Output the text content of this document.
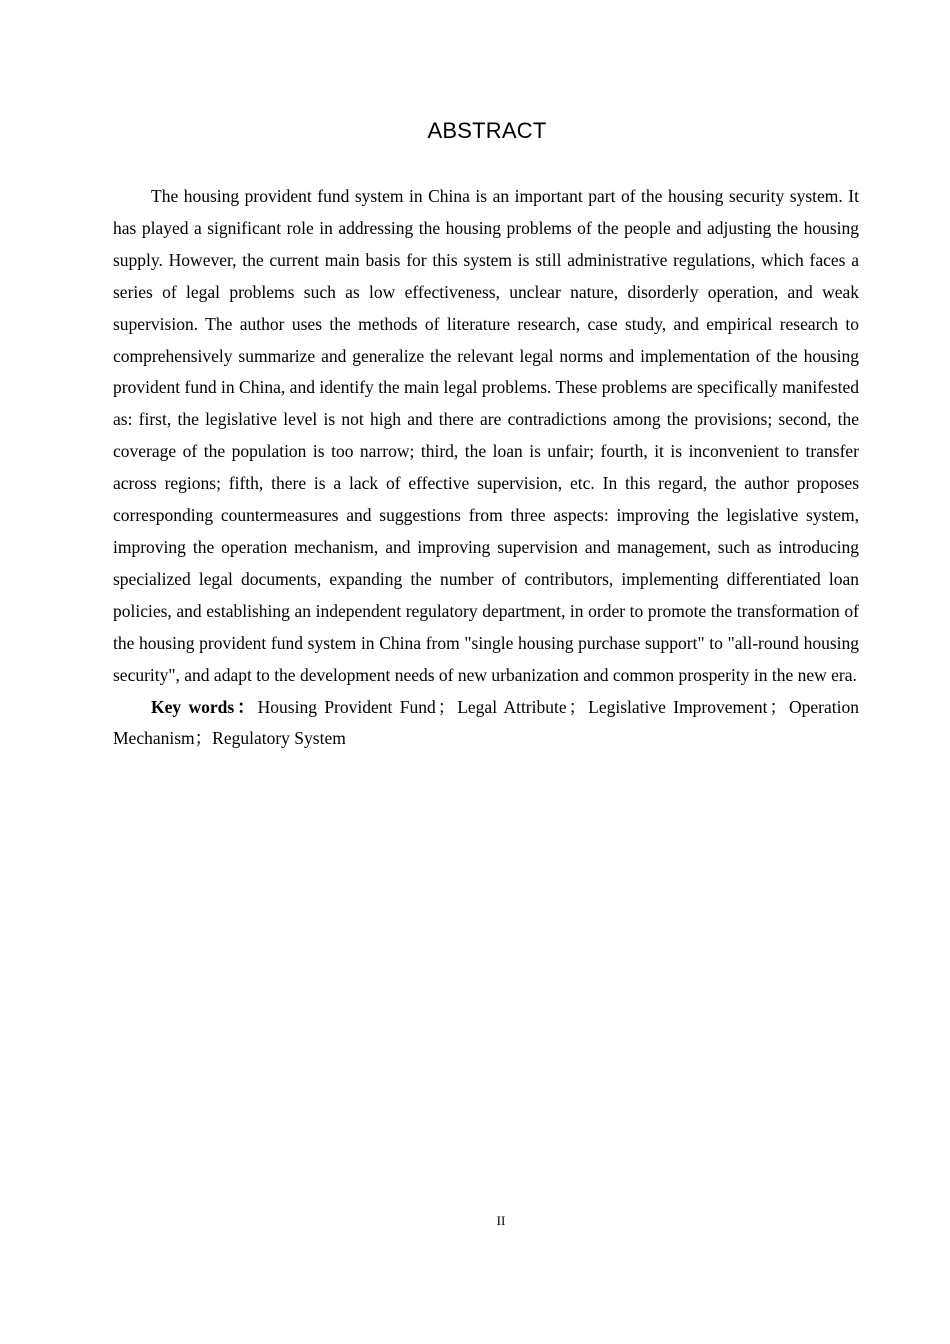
ABSTRACT

The housing provident fund system in China is an important part of the housing security system. It has played a significant role in addressing the housing problems of the people and adjusting the housing supply. However, the current main basis for this system is still administrative regulations, which faces a series of legal problems such as low effectiveness, unclear nature, disorderly operation, and weak supervision. The author uses the methods of literature research, case study, and empirical research to comprehensively summarize and generalize the relevant legal norms and implementation of the housing provident fund in China, and identify the main legal problems. These problems are specifically manifested as: first, the legislative level is not high and there are contradictions among the provisions; second, the coverage of the population is too narrow; third, the loan is unfair; fourth, it is inconvenient to transfer across regions; fifth, there is a lack of effective supervision, etc. In this regard, the author proposes corresponding countermeasures and suggestions from three aspects: improving the legislative system, improving the operation mechanism, and improving supervision and management, such as introducing specialized legal documents, expanding the number of contributors, implementing differentiated loan policies, and establishing an independent regulatory department, in order to promote the transformation of the housing provident fund system in China from "single housing purchase support" to "all-round housing security", and adapt to the development needs of new urbanization and common prosperity in the new era.

Key words：Housing Provident Fund ； Legal Attribute ； Legislative Improvement ； Operation Mechanism；Regulatory System

II
